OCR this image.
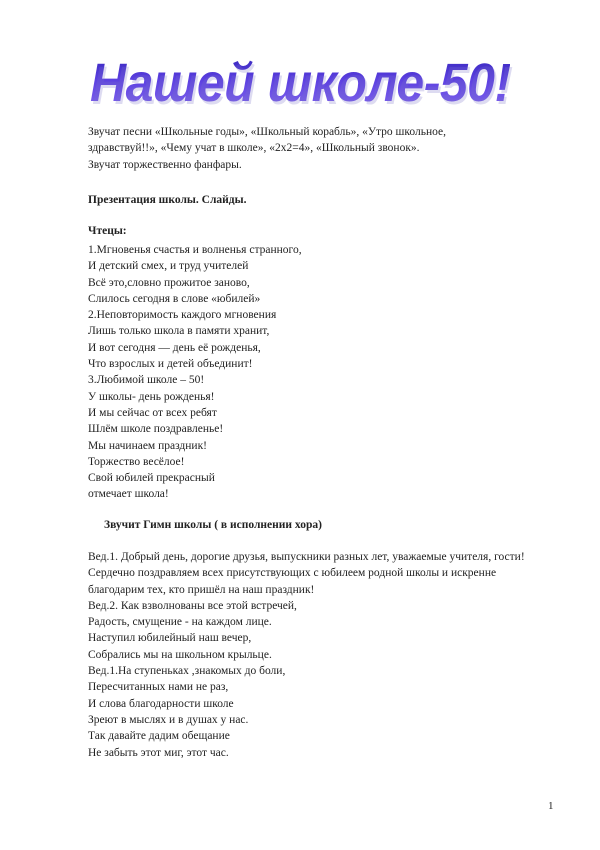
Нашей школе-50!
Звучат песни «Школьные годы», «Школьный корабль», «Утро школьное,
здравствуй!!», «Чему учат в школе», «2х2=4», «Школьный звонок».
Звучат торжественно фанфары.
Презентация школы. Слайды.
Чтецы:
1.Мгновенья счастья и волненья странного,
И детский смех, и труд учителей
Всё это,словно прожитое заново,
Слилось сегодня в слове «юбилей»
2.Неповторимость каждого мгновения
Лишь только школа в памяти хранит,
И вот сегодня — день её рожденья,
Что взрослых и детей объединит!
3.Любимой школе – 50!
У школы- день рожденья!
И мы сейчас от всех ребят
Шлём школе поздравленье!
Мы начинаем праздник!
Торжество весёлое!
Свой юбилей прекрасный
отмечает школа!
Звучит Гимн школы ( в исполнении хора)
Вед.1. Добрый день, дорогие друзья, выпускники разных лет, уважаемые учителя, гости! Сердечно поздравляем всех присутствующих с юбилеем родной школы и искренне благодарим тех, кто пришёл на наш праздник!
Вед.2. Как взволнованы все этой встречей,
Радость, смущение - на каждом лице.
Наступил юбилейный наш вечер,
Собрались мы на школьном крыльце.
Вед.1.На ступеньках ,знакомых до боли,
Пересчитанных нами не раз,
И слова благодарности школе
Зреют в мыслях и в душах у нас.
Так давайте дадим обещание
Не забыть этот миг, этот час.
1
